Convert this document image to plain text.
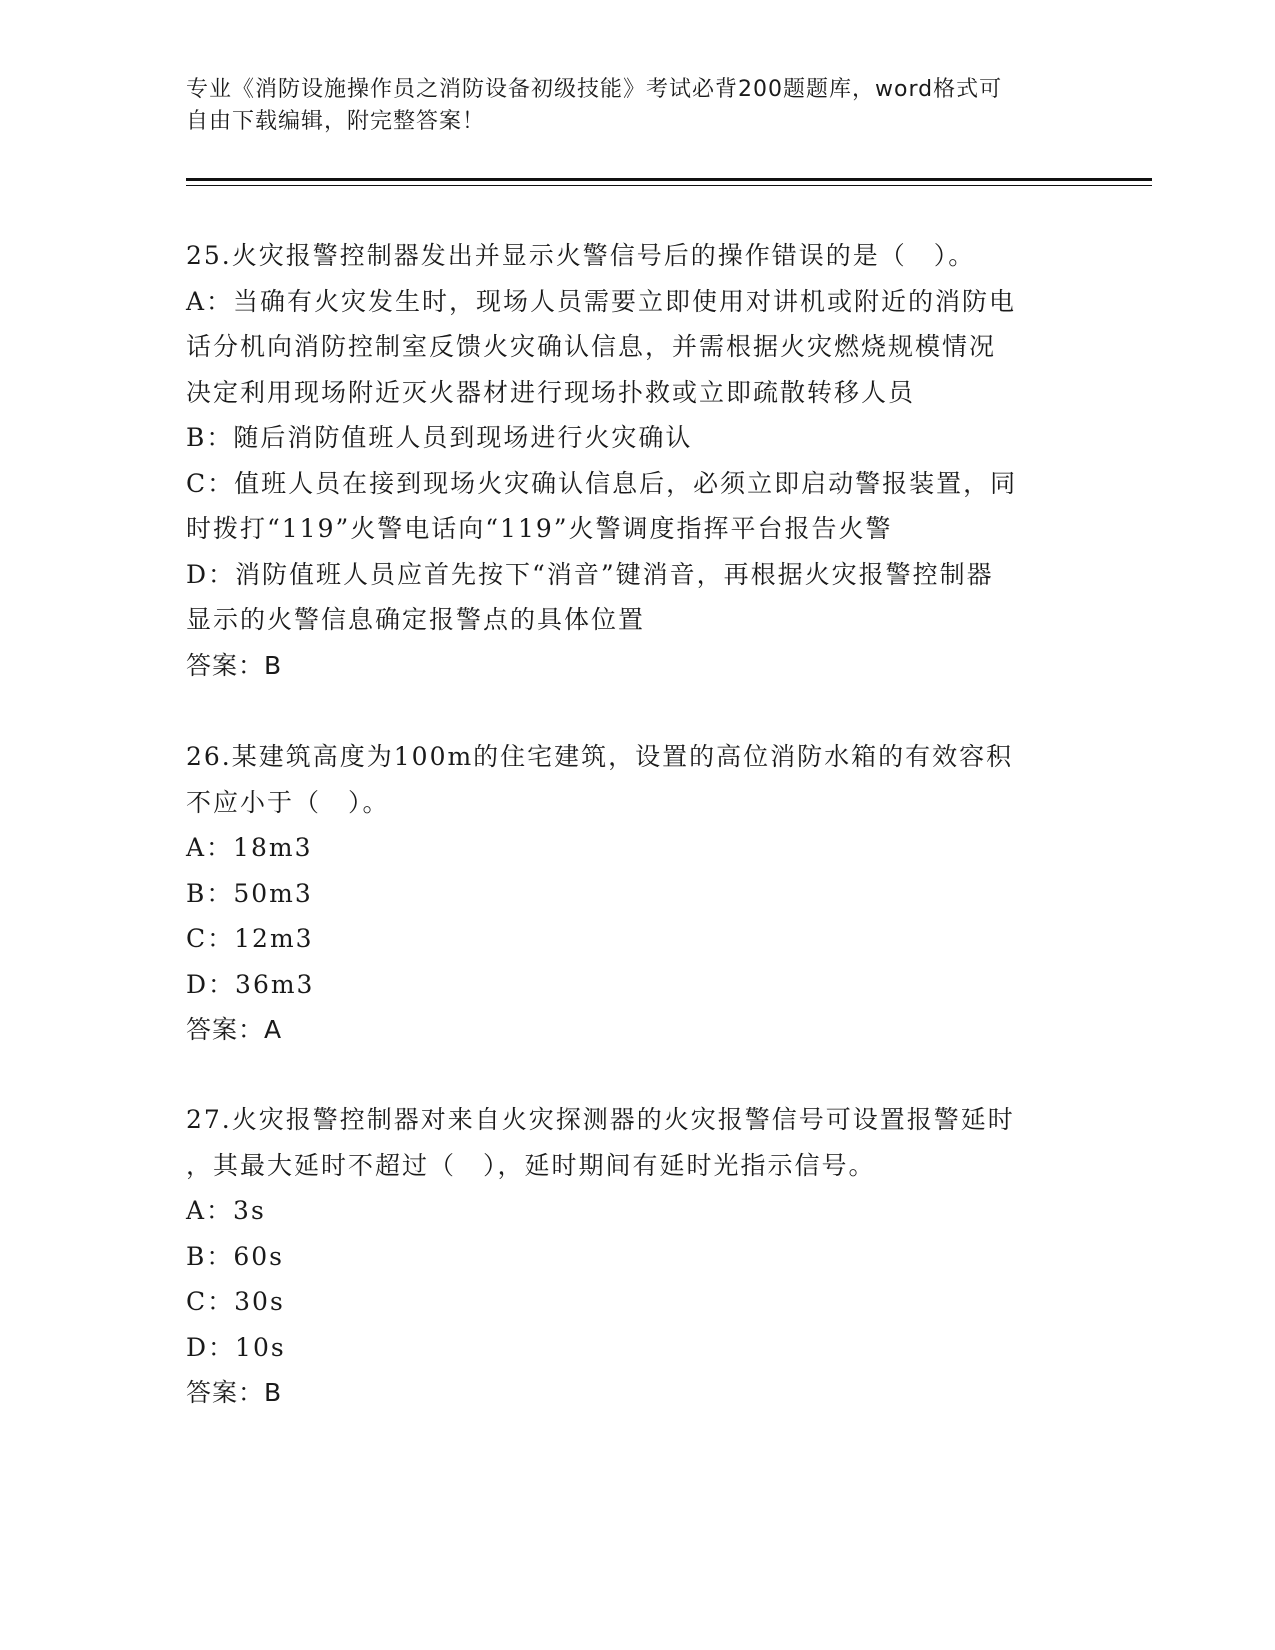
专业《消防设施操作员之消防设备初级技能》考试必背200题题库，word格式可
自由下载编辑，附完整答案！
25.火灾报警控制器发出并显示火警信号后的操作错误的是（　）。
A：当确有火灾发生时，现场人员需要立即使用对讲机或附近的消防电
话分机向消防控制室反馈火灾确认信息，并需根据火灾燃烧规模情况
决定利用现场附近灭火器材进行现场扑救或立即疏散转移人员
B：随后消防值班人员到现场进行火灾确认
C：值班人员在接到现场火灾确认信息后，必须立即启动警报装置，同
时拨打“119”火警电话向“119”火警调度指挥平台报告火警
D：消防值班人员应首先按下“消音”键消音，再根据火灾报警控制器
显示的火警信息确定报警点的具体位置
答案：B
26.某建筑高度为100m的住宅建筑，设置的高位消防水箱的有效容积
不应小于（　）。
A：18m3
B：50m3
C：12m3
D：36m3
答案：A
27.火灾报警控制器对来自火灾探测器的火灾报警信号可设置报警延时
，其最大延时不超过（　），延时期间有延时光指示信号。
A：3s
B：60s
C：30s
D：10s
答案：B
